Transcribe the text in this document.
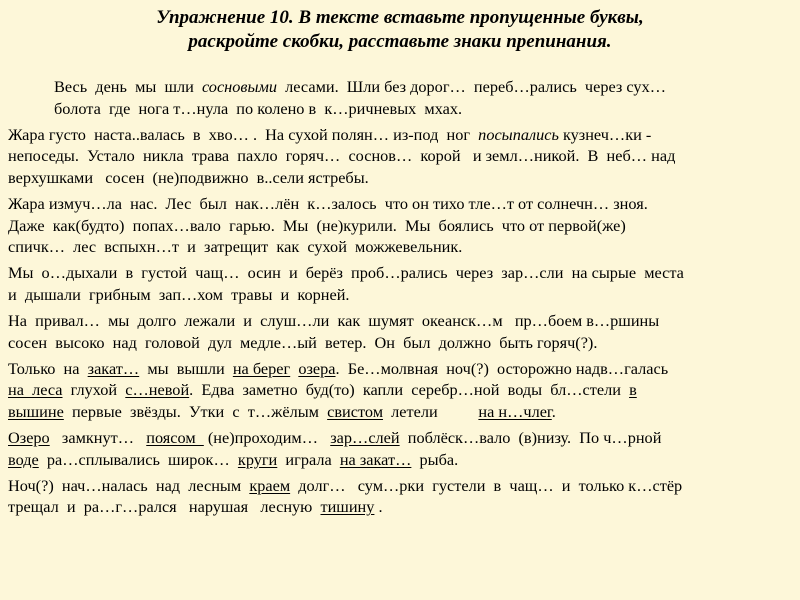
Упражнение 10. В тексте вставьте пропущенные буквы,
раскройте скобки, расставьте знаки препинания.

Весь  день  мы  шли  сосновыми  лесами.  Шли без дорог…  переб…рались  через сух…
болота  где  нога т…нула  по колено в  к…ричневых  мхах.

Жара густо  наста..валась  в  хво… .  На сухой полян… из-под  ног  посыпались кузнеч…ки -
непоседы.  Устало  никла  трава  пахло  горяч…  соснов…  корой   и земл…никой.  В  неб… над
верхушками   сосен  (не)подвижно  в..сели ястребы.

Жара измуч…ла  нас.  Лес  был  нак…лён  к…залось  что он тихо тле…т от солнечн… зноя.
Даже  как(будто)  попах…вало  гарью.  Мы  (не)курили.  Мы  боялись  что от первой(же)
спичк…  лес  вспыхн…т  и  затрещит  как  сухой  можжевельник.

Мы  о…дыхали  в  густой  чащ…  осин  и  берёз  проб…рались  через  зар…сли  на сырые  места
и  дышали  грибным  зап…хом  травы  и  корней.

На  привал…  мы  долго  лежали  и  слуш…ли  как  шумят  океанск…м   пр…боем в…ршины
сосен  высоко  над  головой  дул  медле…ый  ветер.  Он  был  должно  быть горяч(?).

Только  на  закат…  мы  вышли  на берег озера.  Бе…молвная  ноч(?)  осторожно надв…галась
на  леса  глухой  с…невой.  Едва  заметно  буд(то)  капли  серебр…ной  воды  бл…стели  в
вышине  первые  звёзды.  Утки  с  т…жёлым  свистом  летели          на н…члег.

Озеро   замкнут…   поясом   (не)проходим…   зар…слей  поблёск…вало  (в)низу.  По ч…рной
воде  ра…сплывались  широк…  круги  играла  на закат…  рыба.

Ноч(?)  нач…налась  над  лесным  краем  долг…   сум…рки  густели  в  чащ…  и  только к…стёр
трещал  и  ра…г…рался   нарушая   лесную  тишину .
